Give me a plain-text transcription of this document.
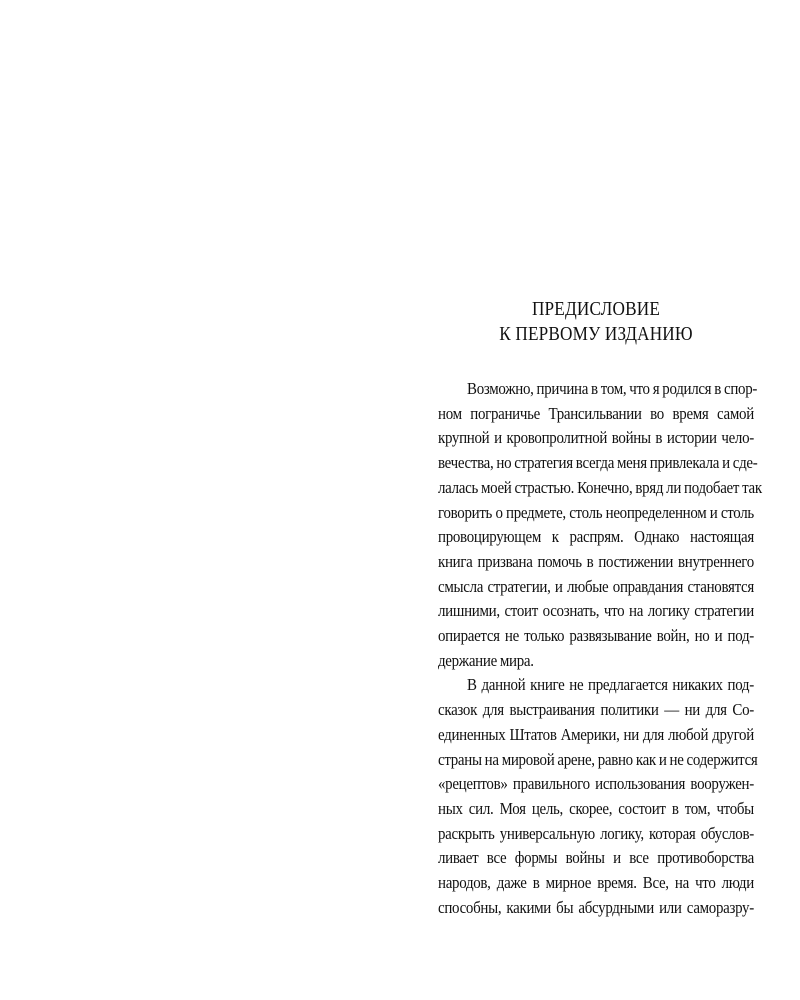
ПРЕДИСЛОВИЕ
К ПЕРВОМУ ИЗДАНИЮ
Возможно, причина в том, что я родился в спор-
ном пограничье Трансильвании во время самой
крупной и кровопролитной войны в истории чело-
вечества, но стратегия всегда меня привлекала и сде-
лалась моей страстью. Конечно, вряд ли подобает так
говорить о предмете, столь неопределенном и столь
провоцирующем к распрям. Однако настоящая
книга призвана помочь в постижении внутреннего
смысла стратегии, и любые оправдания становятся
лишними, стоит осознать, что на логику стратегии
опирается не только развязывание войн, но и под-
держание мира.
В данной книге не предлагается никаких под-
сказок для выстраивания политики — ни для Со-
единенных Штатов Америки, ни для любой другой
страны на мировой арене, равно как и не содержится
«рецептов» правильного использования вооружен-
ных сил. Моя цель, скорее, состоит в том, чтобы
раскрыть универсальную логику, которая обуслов-
ливает все формы войны и все противоборства
народов, даже в мирное время. Все, на что люди
способны, какими бы абсурдными или саморазру-
